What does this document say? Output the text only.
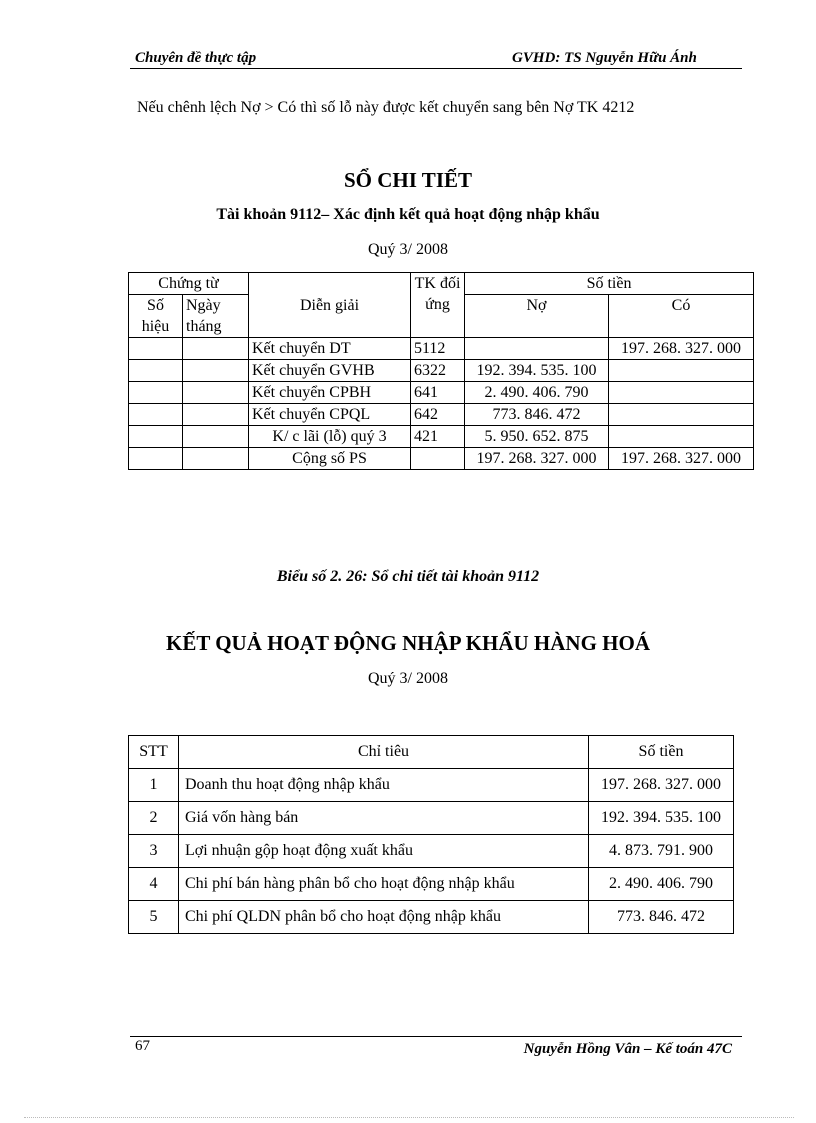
Chuyên đề thực tập	GVHD: TS Nguyễn Hữu Ánh
Nếu chênh lệch Nợ > Có thì số lỗ này được kết chuyển sang bên Nợ TK 4212
SỔ CHI TIẾT
Tài khoản 9112– Xác định kết quả hoạt động nhập khẩu
Quý 3/ 2008
Chứng từ		Diễn giải	TK đối ứng	Số tiền	
Số hiệu	Ngày tháng			Nợ	Có
		Kết chuyển DT	5112		197. 268. 327. 000
		Kết chuyển GVHB	6322	192. 394. 535. 100	
		Kết chuyển CPBH	641	2. 490. 406. 790	
		Kết chuyển CPQL	642	773. 846. 472	
		K/ c lãi (lỗ) quý 3	421	5. 950. 652. 875	
		Cộng số PS		197. 268. 327. 000	197. 268. 327. 000
Biểu số 2. 26: Sổ chi tiết tài khoản 9112
KẾT QUẢ HOẠT ĐỘNG NHẬP KHẨU HÀNG HOÁ
Quý 3/ 2008
STT	Chỉ tiêu	Số tiền
1	Doanh thu hoạt động nhập khẩu	197. 268. 327. 000
2	Giá vốn hàng bán	192. 394. 535. 100
3	Lợi nhuận gộp hoạt động xuất khẩu	4. 873. 791. 900
4	Chi phí bán hàng phân bổ cho hoạt động nhập khẩu	2. 490. 406. 790
5	Chi phí QLDN phân bổ cho hoạt động nhập khẩu	773. 846. 472
67	Nguyễn Hồng Vân – Kế toán 47C
